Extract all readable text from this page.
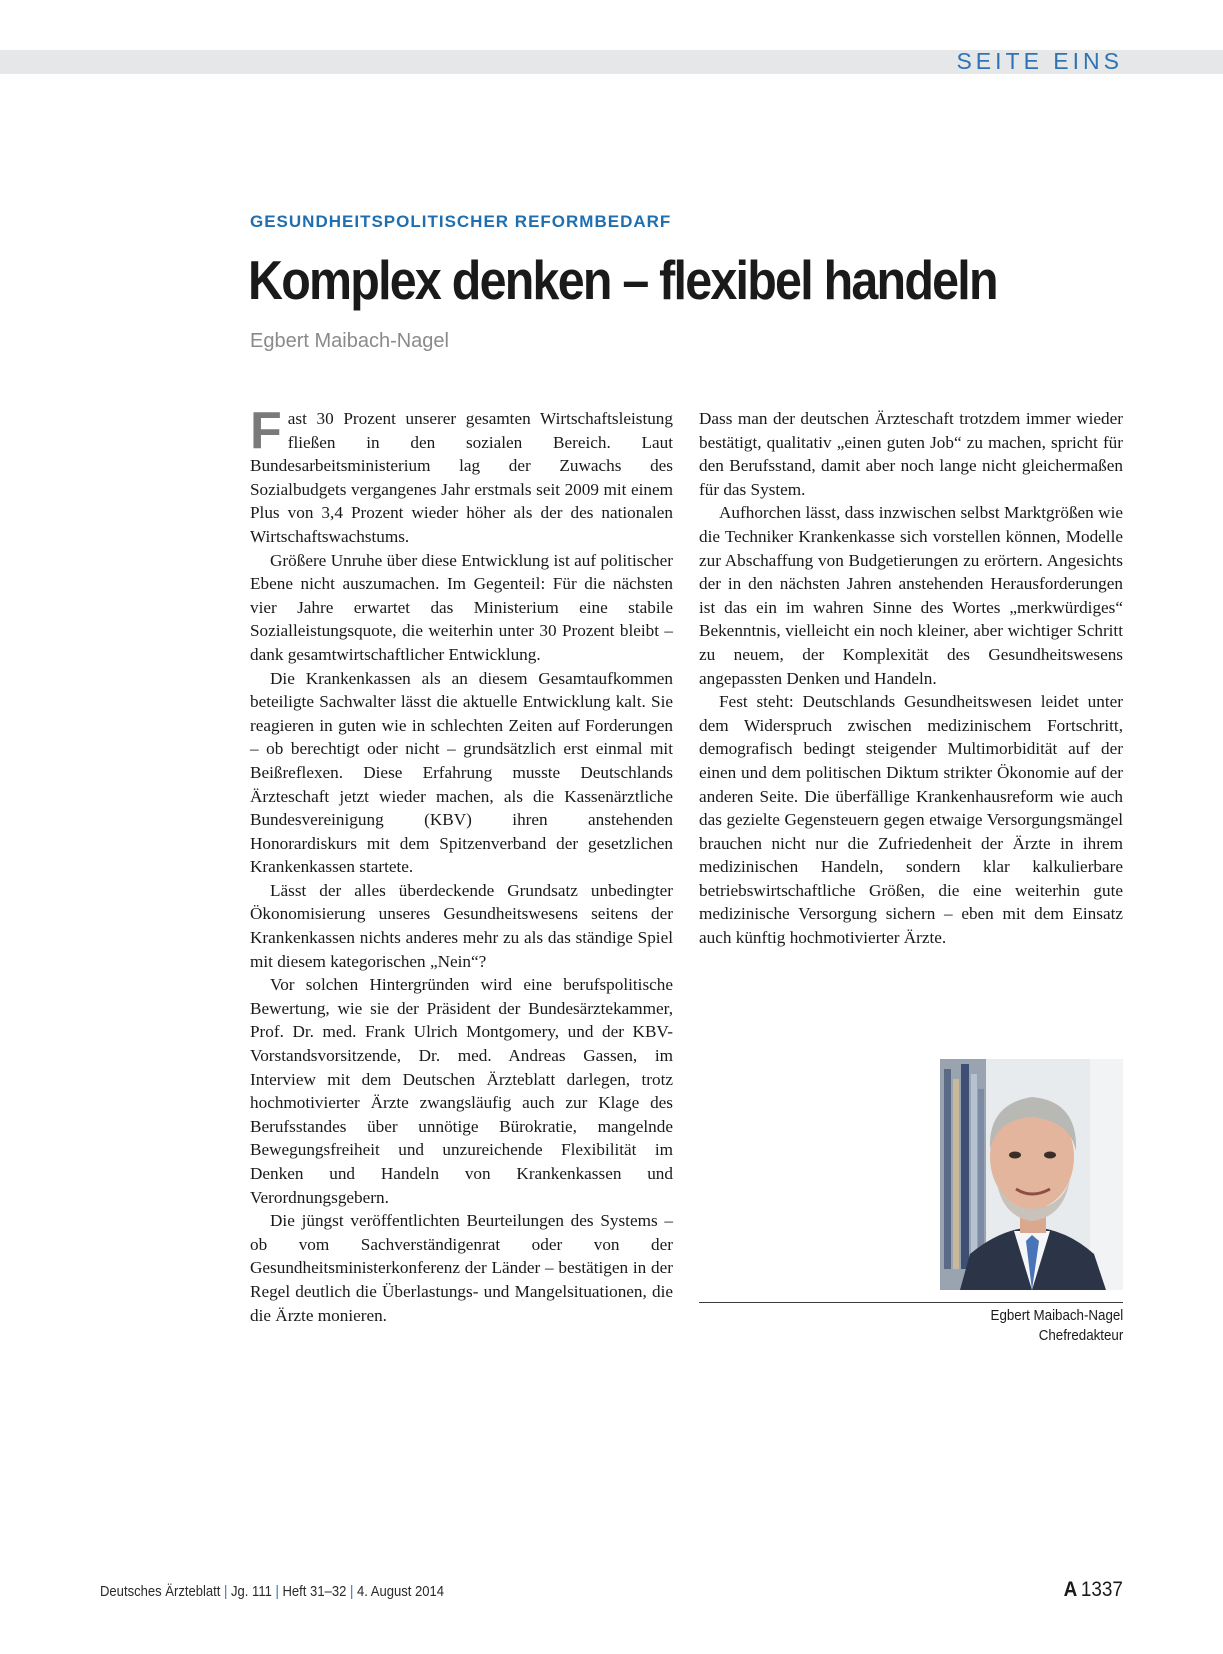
SEITE EINS
GESUNDHEITSPOLITISCHER REFORMBEDARF
Komplex denken – flexibel handeln
Egbert Maibach-Nagel

Fast 30 Prozent unserer gesamten Wirtschaftsleistung fließen in den sozialen Bereich. Laut Bundesarbeitsministerium lag der Zuwachs des Sozialbudgets vergangenes Jahr erstmals seit 2009 mit einem Plus von 3,4 Prozent wieder höher als der des nationalen Wirtschaftswachstums.

Größere Unruhe über diese Entwicklung ist auf politischer Ebene nicht auszumachen. Im Gegenteil: Für die nächsten vier Jahre erwartet das Ministerium eine stabile Sozialleistungsquote, die weiterhin unter 30 Prozent bleibt – dank gesamtwirtschaftlicher Entwicklung.

Die Krankenkassen als an diesem Gesamtaufkommen beteiligte Sachwalter lässt die aktuelle Entwicklung kalt. Sie reagieren in guten wie in schlechten Zeiten auf Forderungen – ob berechtigt oder nicht – grundsätzlich erst einmal mit Beißreflexen. Diese Erfahrung musste Deutschlands Ärzteschaft jetzt wieder machen, als die Kassenärztliche Bundesvereinigung (KBV) ihren anstehenden Honorardiskurs mit dem Spitzenverband der gesetzlichen Krankenkassen startete.

Lässt der alles überdeckende Grundsatz unbedingter Ökonomisierung unseres Gesundheitswesens seitens der Krankenkassen nichts anderes mehr zu als das ständige Spiel mit diesem kategorischen „Nein“?

Vor solchen Hintergründen wird eine berufspolitische Bewertung, wie sie der Präsident der Bundesärztekammer, Prof. Dr. med. Frank Ulrich Montgomery, und der KBV-Vorstandsvorsitzende, Dr. med. Andreas Gassen, im Interview mit dem Deutschen Ärzteblatt darlegen, trotz hochmotivierter Ärzte zwangsläufig auch zur Klage des Berufsstandes über unnötige Bürokratie, mangelnde Bewegungsfreiheit und unzureichende Flexibilität im Denken und Handeln von Krankenkassen und Verordnungsgebern.

Die jüngst veröffentlichten Beurteilungen des Systems – ob vom Sachverständigenrat oder von der Gesundheitsministerkonferenz der Länder – bestätigen in der Regel deutlich die Überlastungs- und Mangelsituationen, die die Ärzte monieren.

Dass man der deutschen Ärzteschaft trotzdem immer wieder bestätigt, qualitativ „einen guten Job“ zu machen, spricht für den Berufsstand, damit aber noch lange nicht gleichermaßen für das System.

Aufhorchen lässt, dass inzwischen selbst Marktgrößen wie die Techniker Krankenkasse sich vorstellen können, Modelle zur Abschaffung von Budgetierungen zu erörtern. Angesichts der in den nächsten Jahren anstehenden Herausforderungen ist das ein im wahren Sinne des Wortes „merkwürdiges“ Bekenntnis, vielleicht ein noch kleiner, aber wichtiger Schritt zu neuem, der Komplexität des Gesundheitswesens angepassten Denken und Handeln.

Fest steht: Deutschlands Gesundheitswesen leidet unter dem Widerspruch zwischen medizinischem Fortschritt, demografisch bedingt steigender Multimorbidität auf der einen und dem politischen Diktum strikter Ökonomie auf der anderen Seite. Die überfällige Krankenhausreform wie auch das gezielte Gegensteuern gegen etwaige Versorgungsmängel brauchen nicht nur die Zufriedenheit der Ärzte in ihrem medizinischen Handeln, sondern klar kalkulierbare betriebswirtschaftliche Größen, die eine weiterhin gute medizinische Versorgung sichern – eben mit dem Einsatz auch künftig hochmotivierter Ärzte.

Egbert Maibach-Nagel
Chefredakteur
Deutsches Ärzteblatt | Jg. 111 | Heft 31–32 | 4. August 2014	A 1337
